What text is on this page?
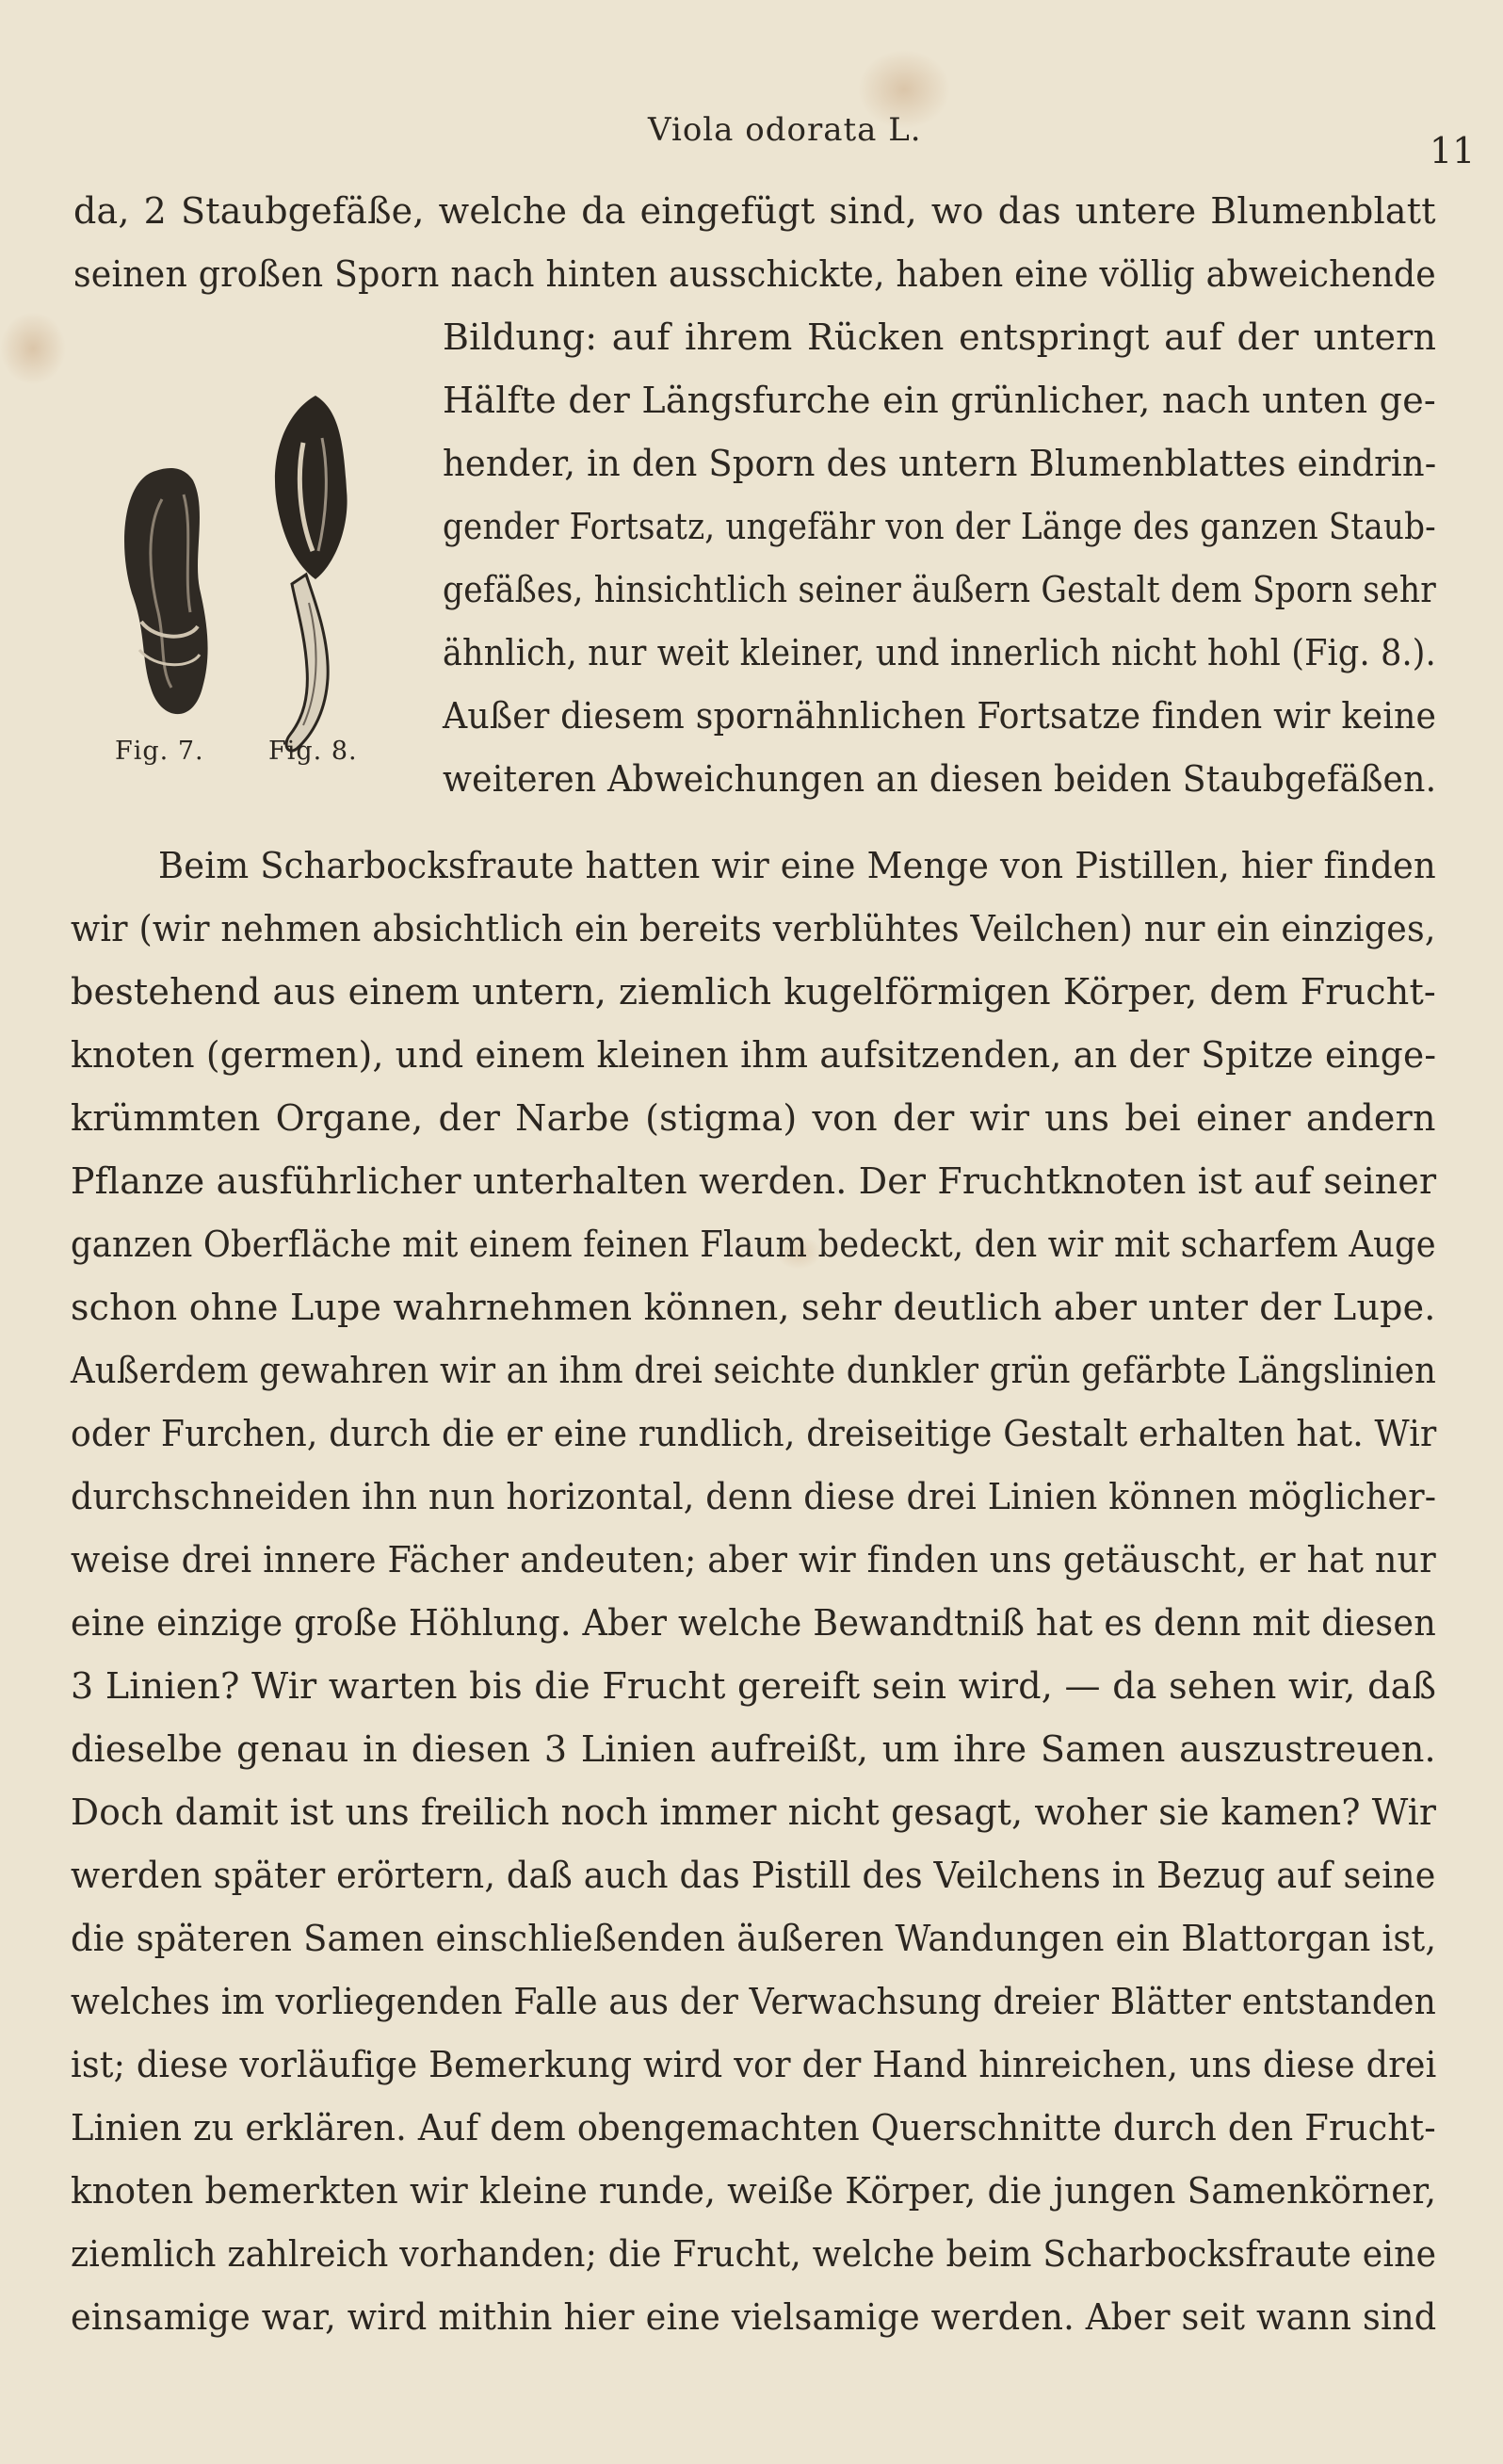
Viola odorata L.	11
Fig. 7.	Fig. 8.
da, 2 Staubgefäße, welche da eingefügt sind, wo das untere Blumenblatt
seinen großen Sporn nach hinten ausschickte, haben eine völlig abweichende
Bildung: auf ihrem Rücken entspringt auf der untern
Hälfte der Längsfurche ein grünlicher, nach unten ge-
hender, in den Sporn des untern Blumenblattes eindrin-
gender Fortsatz, ungefähr von der Länge des ganzen Staub-
gefäßes, hinsichtlich seiner äußern Gestalt dem Sporn sehr
ähnlich, nur weit kleiner, und innerlich nicht hohl (Fig. 8.).
Außer diesem spornähnlichen Fortsatze finden wir keine
weiteren Abweichungen an diesen beiden Staubgefäßen.
Beim Scharbocksfraute hatten wir eine Menge von Pistillen, hier finden
wir (wir nehmen absichtlich ein bereits verblühtes Veilchen) nur ein einziges,
bestehend aus einem untern, ziemlich kugelförmigen Körper, dem Frucht-
knoten (germen), und einem kleinen ihm aufsitzenden, an der Spitze einge-
krümmten Organe, der Narbe (stigma) von der wir uns bei einer andern
Pflanze ausführlicher unterhalten werden. Der Fruchtknoten ist auf seiner
ganzen Oberfläche mit einem feinen Flaum bedeckt, den wir mit scharfem Auge
schon ohne Lupe wahrnehmen können, sehr deutlich aber unter der Lupe.
Außerdem gewahren wir an ihm drei seichte dunkler grün gefärbte Längslinien
oder Furchen, durch die er eine rundlich, dreiseitige Gestalt erhalten hat. Wir
durchschneiden ihn nun horizontal, denn diese drei Linien können möglicher-
weise drei innere Fächer andeuten; aber wir finden uns getäuscht, er hat nur
eine einzige große Höhlung. Aber welche Bewandtniß hat es denn mit diesen
3 Linien? Wir warten bis die Frucht gereift sein wird, — da sehen wir, daß
dieselbe genau in diesen 3 Linien aufreißt, um ihre Samen auszustreuen.
Doch damit ist uns freilich noch immer nicht gesagt, woher sie kamen? Wir
werden später erörtern, daß auch das Pistill des Veilchens in Bezug auf seine
die späteren Samen einschließenden äußeren Wandungen ein Blattorgan ist,
welches im vorliegenden Falle aus der Verwachsung dreier Blätter entstanden
ist; diese vorläufige Bemerkung wird vor der Hand hinreichen, uns diese drei
Linien zu erklären. Auf dem obengemachten Querschnitte durch den Frucht-
knoten bemerkten wir kleine runde, weiße Körper, die jungen Samenkörner,
ziemlich zahlreich vorhanden; die Frucht, welche beim Scharbocksfraute eine
einsamige war, wird mithin hier eine vielsamige werden. Aber seit wann sind
